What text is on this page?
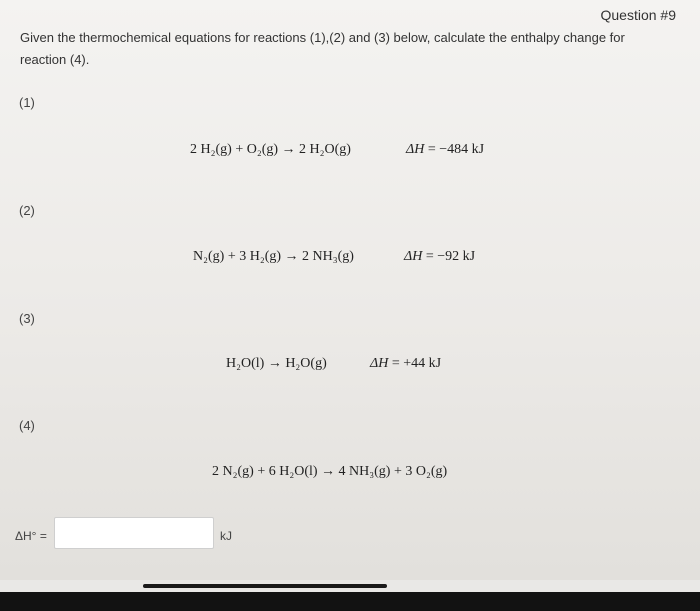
Question #9
Given the thermochemical equations for reactions (1),(2) and (3) below, calculate the enthalpy change for reaction (4).
(1)
2 H₂(g) + O₂(g) → 2 H₂O(g)	ΔH = −484 kJ
(2)
N₂(g) + 3 H₂(g) → 2 NH₃(g)	ΔH = −92 kJ
(3)
H₂O(l) → H₂O(g)	ΔH = +44 kJ
(4)
2 N₂(g) + 6 H₂O(l) → 4 NH₃(g) + 3 O₂(g)
ΔH° =	kJ
